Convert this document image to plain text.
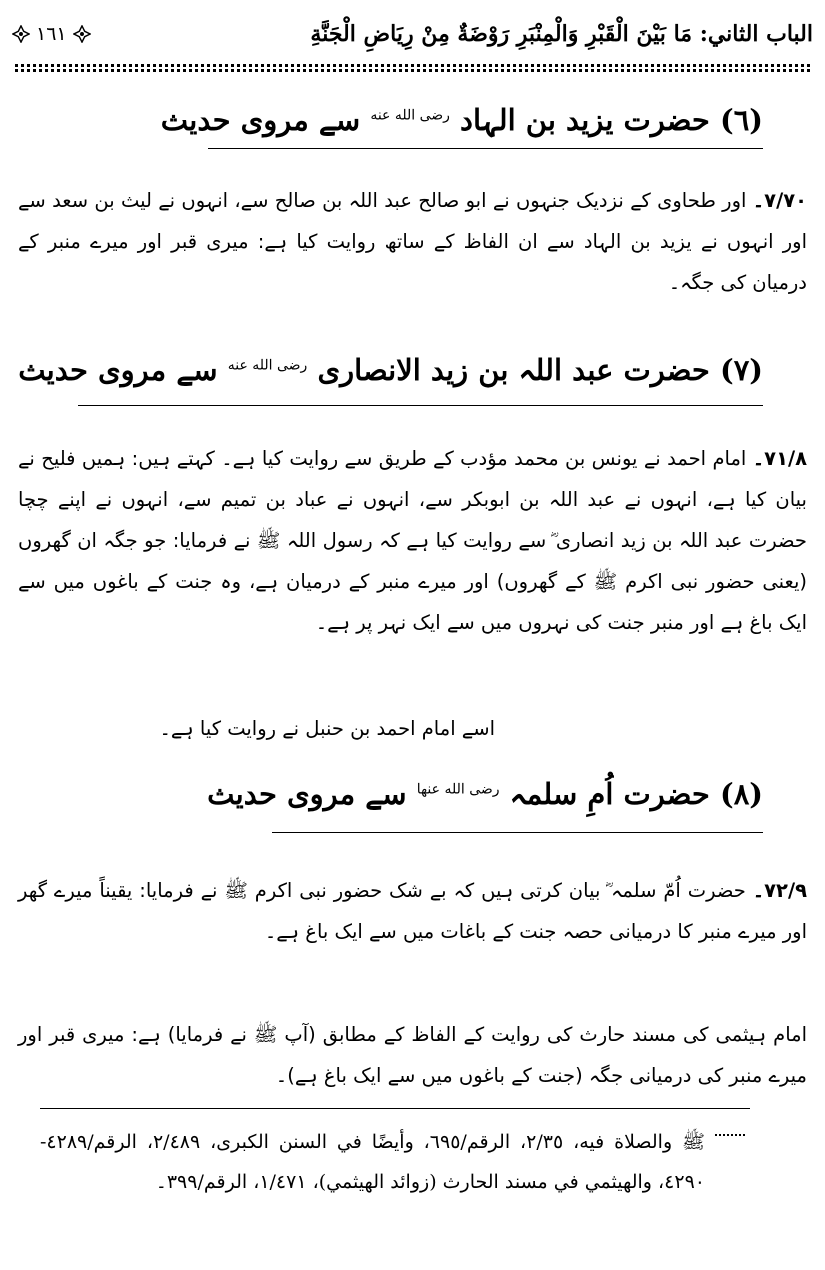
الباب الثاني: مَا بَيْنَ الْقَبْرِ وَالْمِنْبَرِ رَوْضَةٌ مِنْ رِيَاضِ الْجَنَّةِ
١٦١
(٦) حضرت یزید بن الہاد $^{رضی الله عنه}$ سے مروی حدیث
٧/٧٠۔ اور طحاوی کے نزدیک جنہوں نے ابو صالح عبد اللہ بن صالح سے، انہوں نے لیث بن سعد سے اور انہوں نے یزید بن الہاد سے ان الفاظ کے ساتھ روایت کیا ہے: میری قبر اور میرے منبر کے درمیان کی جگہ۔
(٧) حضرت عبد اللہ بن زید الانصاری $^{رضی الله عنه}$ سے مروی حدیث
٧١/٨۔ امام احمد نے یونس بن محمد مؤدب کے طریق سے روایت کیا ہے۔ کہتے ہیں: ہمیں فلیح نے بیان کیا ہے، انہوں نے عبد اللہ بن ابوبکر سے، انہوں نے عباد بن تمیم سے، انہوں نے اپنے چچا حضرت عبد اللہ بن زید انصاری ؓ سے روایت کیا ہے کہ رسول اللہ ﷺ نے فرمایا: جو جگہ ان گھروں (یعنی حضور نبی اکرم ﷺ کے گھروں) اور میرے منبر کے درمیان ہے، وہ جنت کے باغوں میں سے ایک باغ ہے اور منبر جنت کی نہروں میں سے ایک نہر پر ہے۔
اسے امام احمد بن حنبل نے روایت کیا ہے۔
(٨) حضرت اُمِ سلمہ $^{رضی الله عنها}$ سے مروی حدیث
٧٢/٩۔ حضرت اُمّ سلمہ ؓ بیان کرتی ہیں کہ بے شک حضور نبی اکرم ﷺ نے فرمایا: یقیناً میرے گھر اور میرے منبر کا درمیانی حصہ جنت کے باغات میں سے ایک باغ ہے۔
امام ہیثمی کی مسند حارث کی روایت کے الفاظ کے مطابق (آپ ﷺ نے فرمایا) ہے: میری قبر اور میرے منبر کی درمیانی جگہ (جنت کے باغوں میں سے ایک باغ ہے)۔
ﷺ والصلاة فيه، ٢/٣٥، الرقم/٦٩٥، وأيضًا في السنن الكبرى، ٢/٤٨٩، الرقم/٤٢٨٩- ٤٢٩٠، والهيثمي في مسند الحارث (زوائد الهيثمي)، ١/٤٧١، الرقم/٣٩٩۔
